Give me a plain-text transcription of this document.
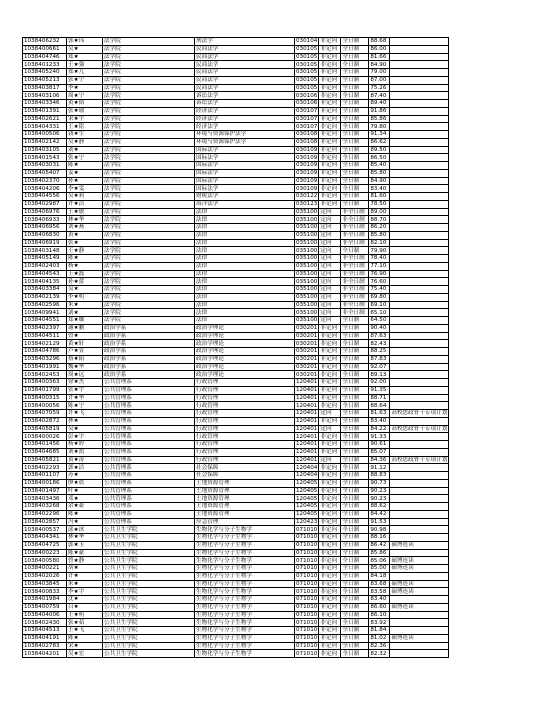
1038406232	郭★玮	法学院	刑法学	030104	非定向	全日制	88.68	
1038400661	吴★	法学院	民商法学	030105	非定向	全日制	86.00	
1038404746	郑★	法学院	民商法学	030105	非定向	全日制	81.66	
1038401233	王★强	法学院	民商法学	030105	非定向	全日制	84.90	
1038405240	郑★儿	法学院	民商法学	030105	非定向	全日制	79.00	
1038405213	张★宁	法学院	民商法学	030105	非定向	全日制	87.00	
1038403817	李★	法学院	民商法学	030105	非定向	全日制	75.26	
1038403106	周★宁	法学院	诉讼法学	030106	非定向	全日制	87.40	
1038403346	黄★韬	法学院	诉讼法学	030106	非定向	全日制	89.40	
1038401391	张★瑜	法学院	经济法学	030107	非定向	全日制	91.86	
1038402621	宋★宇	法学院	经济法学	030107	非定向	全日制	85.86	
1038404331	王★铭	法学院	经济法学	030107	非定向	全日制	79.80	
1038400506	钱★生	法学院	环境与资源保护法学	030108	非定向	全日制	91.34	
1038402142	吴★静	法学院	环境与资源保护法学	030108	非定向	全日制	86.62	
1038403105	刘★	法学院	国际法学	030109	非定向	全日制	89.50	
1038401543	张★宁	法学院	国际法学	030109	非定向	全日制	86.50	
1038403031	陈★	法学院	国际法学	030109	非定向	全日制	85.40	
1038405407	姜★	法学院	国际法学	030109	非定向	全日制	85.80	
1038402370	孙★	法学院	国际法学	030109	非定向	全日制	84.90	
1038404206	李★雯	法学院	国际法学	030109	非定向	全日制	83.40	
1038404556	吴★莉	法学院	财税法学	030122	非定向	全日制	81.60	
1038402987	许★洁	法学院	海洋法学	030123	非定向	全日制	78.50	
1038406976	王★敏	法学院	法律	035100	定向	非全日制	89.00	
1038406933	林★华	法学院	法律	035100	定向	非全日制	88.70	
1038406956	刘★燕	法学院	法律	035100	定向	非全日制	86.20	
1038406830	黄★	法学院	法律	035100	定向	非全日制	85.80	
1038406919	张★	法学院	法律	035100	定向	非全日制	82.10	
1038403148	王★静	法学院	法律	035100	定向	全日制	79.90	
1038405149	陈★	法学院	法律	035100	定向	非全日制	78.40	
1038402403	杨★	法学院	法律	035100	定向	非全日制	77.10	
1038404543	王★磊	法学院	法律	035100	定向	非全日制	76.90	
1038404135	孙★蕾	法学院	法律	035100	定向	非全日制	76.60	
1038403384	吴★	法学院	法律	035100	定向	非全日制	75.40	
1038402139	李★明	法学院	法律	035100	定向	非全日制	69.80	
1038402596	朱★	法学院	法律	035100	定向	非全日制	69.10	
1038409941	刘★	法学院	法律	035100	定向	非全日制	65.10	
1038404551	郑★娜	法学院	法律	035100	定向	全日制	64.50	
1038402397	谢★鹏	政治学系	政治学理论	030201	非定向	全日制	90.40	
1038404511	曾★	政治学系	政治学理论	030201	非定向	全日制	87.63	
1038402129	黄★轩	政治学系	政治学理论	030201	非定向	全日制	82.43	
1038404786	卢★萱	政治学系	政治学理论	030201	非定向	全日制	88.25	
1038403296	蔡★阳	政治学系	政治学理论	030201	非定向	全日制	87.83	
1038401991	魏★华	政治学系	政治学理论	030201	非定向	全日制	92.07	
1038402453	周★远	政治学系	政治学理论	030201	非定向	全日制	89.13	
1038400363	徐★杰	公共管理系	行政管理	120401	非定向	全日制	92.00	
1038401799	张★宇	公共管理系	行政管理	120401	非定向	全日制	91.35	
1038400315	许★华	公共管理系	行政管理	120401	非定向	全日制	88.71	
1038400056	陈★宁	公共管理系	行政管理	120401	非定向	全日制	88.64	
1038407059	许★飞	公共管理系	行政管理	120401	定向	全日制	81.63	高校思政骨干专项计划
1038402872	林★	公共管理系	行政管理	120401	非定向	全日制	83.40	
1038405819	吴★	公共管理系	行政管理	120401	定向	全日制	84.22	高校思政骨干专项计划
1038400026	彭★宇	公共管理系	行政管理	120401	非定向	全日制	91.33	
1038401456	杨★婷	公共管理系	行政管理	120401	非定向	全日制	90.61	
1038404685	刘★凯	公共管理系	行政管理	120401	非定向	全日制	85.07	
1038405821	黄★涛	公共管理系	行政管理	120401	定向	全日制	84.36	高校思政骨干专项计划
1038402293	郭★洁	公共管理系	社会保障	120404	非定向	全日制	91.12	
1038401107	苏★	公共管理系	社会保障	120404	非定向	全日制	88.83	
1038400186	廖★晨	公共管理系	土地资源管理	120405	非定向	全日制	90.73	
1038401497	叶★	公共管理系	土地资源管理	120405	非定向	全日制	90.23	
1038403436	邓★	公共管理系	土地资源管理	120405	非定向	全日制	90.23	
1038403268	余★豪	公共管理系	土地资源管理	120405	非定向	全日制	88.62	
1038402296	陈★	公共管理系	土地资源管理	120405	非定向	全日制	84.42	
1038402857	冯★	公共管理系	应急管理	120423	非定向	全日制	91.53	
1038400537	邱★冰	公共卫生学院	生物化学与分子生物学	071010	非定向	全日制	90.98	
1038404341	林★华	公共卫生学院	生物化学与分子生物学	071010	非定向	全日制	88.16	
1038404725	郭★玉	公共卫生学院	生物化学与分子生物学	071010	非定向	全日制	86.42	硕博连读
1038400223	陈★豪	公共卫生学院	生物化学与分子生物学	071010	非定向	全日制	85.86	
1038400580	曾★静	公共卫生学院	生物化学与分子生物学	071010	非定向	全日制	85.06	硕博连读
1038400221	胡★	公共卫生学院	生物化学与分子生物学	071010	非定向	全日制	85.00	硕博连读
1038402026	许★	公共卫生学院	生物化学与分子生物学	071010	非定向	全日制	84.18	
1038403845	朱★	公共卫生学院	生物化学与分子生物学	071010	非定向	全日制	83.68	硕博连读
1038400833	李★宇	公共卫生学院	生物化学与分子生物学	071010	非定向	全日制	83.58	硕博连读
1038401984	沈★	公共卫生学院	生物化学与分子生物学	071010	非定向	全日制	83.40	
1038400759	吕★	公共卫生学院	生物化学与分子生物学	071010	非定向	全日制	86.60	硕博连读
1038404006	王★明	公共卫生学院	生物化学与分子生物学	071010	非定向	全日制	86.10	
1038402430	张★茹	公共卫生学院	生物化学与分子生物学	071010	非定向	全日制	83.92	
1038404513	王★飞	公共卫生学院	生物化学与分子生物学	071010	非定向	全日制	81.84	
1038404191	陈★	公共卫生学院	生物化学与分子生物学	071010	非定向	全日制	81.02	硕博连读
1038402783	宋★	公共卫生学院	生物化学与分子生物学	071010	非定向	全日制	82.36	
1038404201	吴★宏	公共卫生学院	生物化学与分子生物学	071010	非定向	全日制	82.32	
